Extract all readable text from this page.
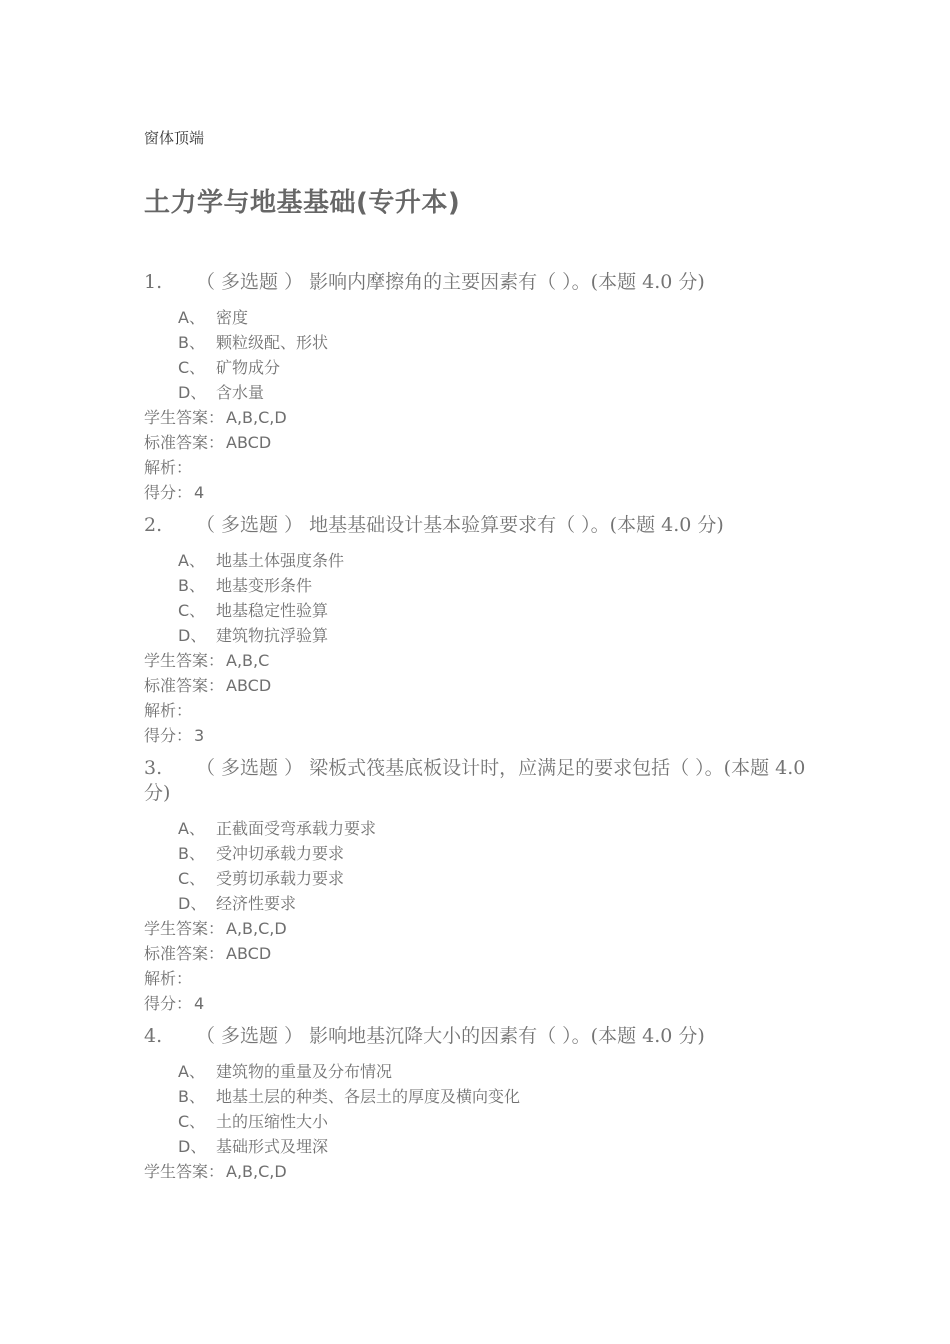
窗体顶端
土力学与地基基础(专升本)
1. （ 多选题 ） 影响内摩擦角的主要因素有（ ）。(本题 4.0 分)
A、 密度
B、 颗粒级配、形状
C、 矿物成分
D、 含水量
学生答案： A,B,C,D
标准答案： ABCD
解析：
得分： 4
2. （ 多选题 ） 地基基础设计基本验算要求有（ ）。(本题 4.0 分)
A、 地基土体强度条件
B、 地基变形条件
C、 地基稳定性验算
D、 建筑物抗浮验算
学生答案： A,B,C
标准答案： ABCD
解析：
得分： 3
3. （ 多选题 ） 梁板式筏基底板设计时，应满足的要求包括（ ）。(本题 4.0 分)
A、 正截面受弯承载力要求
B、 受冲切承载力要求
C、 受剪切承载力要求
D、 经济性要求
学生答案： A,B,C,D
标准答案： ABCD
解析：
得分： 4
4. （ 多选题 ） 影响地基沉降大小的因素有（ ）。(本题 4.0 分)
A、 建筑物的重量及分布情况
B、 地基土层的种类、各层土的厚度及横向变化
C、 土的压缩性大小
D、 基础形式及埋深
学生答案： A,B,C,D
